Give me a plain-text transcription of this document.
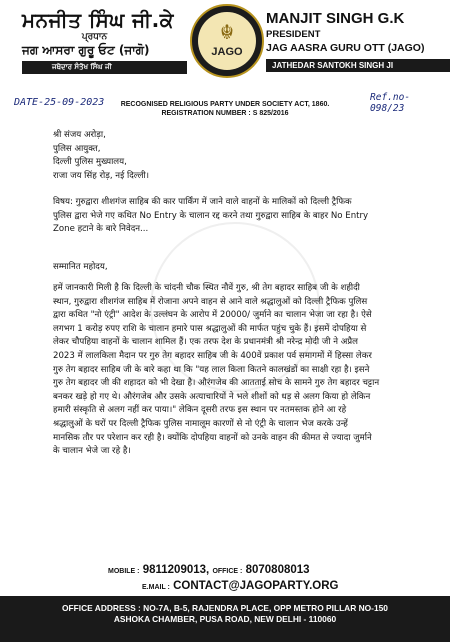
ਮਨਜੀਤ ਸਿੰਘ ਜੀ.ਕੇ
ਪ੍ਰਧਾਨ
ਜਗ ਆਸਰਾ ਗੁਰੂ ਓਟ (ਜਾਗੋ)
ਜਥੇਦਾਰ ਸੰਤੋਖ ਸਿੰਘ ਜੀ
☬
JAGO
MANJIT SINGH G.K
PRESIDENT
JAG AASRA GURU OTT (JAGO)
JATHEDAR SANTOKH SINGH JI
DATE-25-09-2023	Ref.no- 098/23
RECOGNISED RELIGIOUS PARTY UNDER SOCIETY ACT, 1860.
REGISTRATION NUMBER : S 825/2016
श्री संजय अरोड़ा,
पुलिस आयुक्त,
दिल्ली पुलिस मुख्यालय,
राजा जय सिंह रोड़, नई दिल्ली।
विषय: गुरुद्वारा शीशगंज साहिब की कार पार्किंग में जाने वाले वाहनों के मालिकों को दिल्ली ट्रैफिक
पुलिस द्वारा भेजे गए कथित No Entry के चालान रद्द करने तथा गुरुद्वारा साहिब के बाहर No Entry
Zone हटाने के बारे निवेदन...
सम्मानित महोदय,
हमें जानकारी मिली है कि दिल्ली के चांदनी चौक स्थित नौवें गुरु, श्री तेग बहादर साहिब जी के शहीदी
स्थान, गुरुद्वारा शीशगंज साहिब में रोजाना अपने वाहन से आने वाले श्रद्धालुओं को दिल्ली ट्रैफिक पुलिस
द्वारा कथित "नो एंट्री" आदेश के उल्लंघन के आरोप में 20000/ जुर्माने का चालान भेजा जा रहा है। ऐसे
लगभग 1 करोड़ रुपए राशि के चालान हमारे पास श्रद्धालुओं की मार्फत पहुंच चुके हैं। इसमें दोपहिया से
लेकर चौपहिया वाहनों के चालान शामिल हैं। एक तरफ देश के प्रधानमंत्री श्री नरेन्द्र मोदी जी ने अप्रैल
2023 में लालकिला मैदान पर गुरु तेग बहादर साहिब जी के 400वें प्रकाश पर्व समागमों में हिस्सा लेकर
गुरु तेग बहादर साहिब जी के बारे कहा था कि "यह लाल किला कितने कालखंडों का साक्षी रहा है। इसने
गुरु तेग बहादर जी की शहादत को भी देखा है। औरंगजेब की आतताई सोच के सामने गुरु तेग बहादर चट्टान
बनकर खड़े हो गए थे। औरंगजेब और उसके अत्याचारियों ने भले शीशों को धड़ से अलग किया हो लेकिन
हमारी संस्कृति से अलग नहीं कर पाया।" लेकिन दूसरी तरफ इस स्थान पर नतमस्तक होने आ रहे
श्रद्धालुओं के घरों पर दिल्ली ट्रैफिक पुलिस नामालूम कारणों से नो एंट्री के चालान भेज करके उन्हें
मानसिक तौर पर परेशान कर रही है। क्योंकि दोपहिया वाहनों को उनके वाहन की कीमत से ज्यादा जुर्माने
के चालान भेजे जा रहे है।
MOBILE : 9811209013, OFFICE : 8070808013
E.MAIL : CONTACT@JAGOPARTY.ORG
OFFICE ADDRESS : NO-7A, B-5, RAJENDRA PLACE, OPP METRO PILLAR NO-150
ASHOKA CHAMBER, PUSA ROAD, NEW DELHI - 110060
